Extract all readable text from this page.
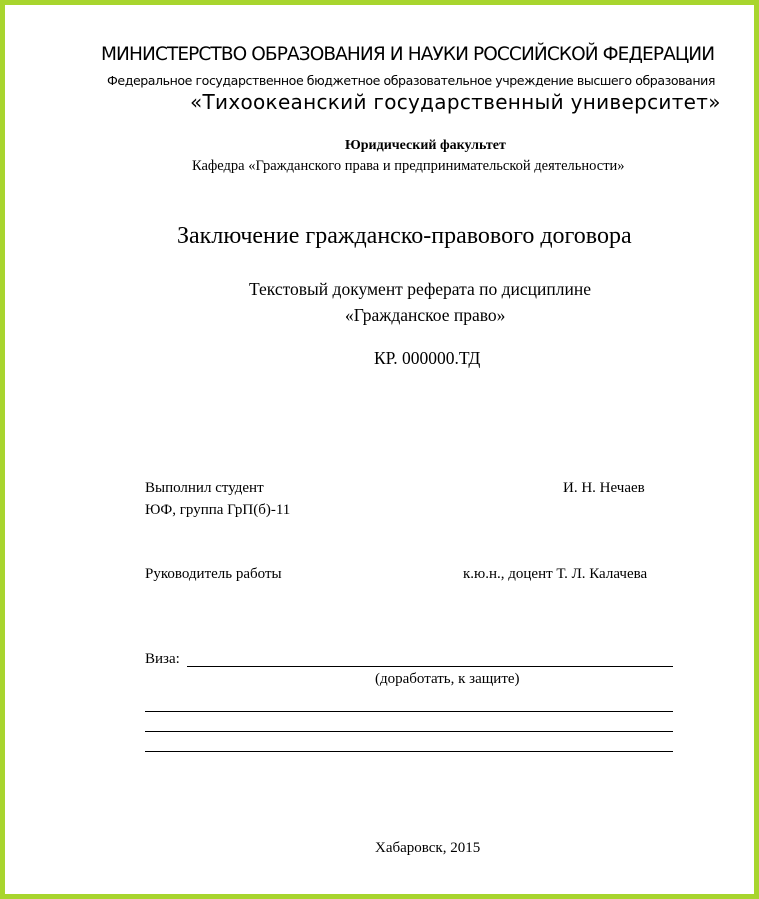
МИНИСТЕРСТВО ОБРАЗОВАНИЯ И НАУКИ РОССИЙСКОЙ ФЕДЕРАЦИИ

Федеральное государственное бюджетное образовательное учреждение высшего образования

«Тихоокеанский государственный университет»

Юридический факультет

Кафедра «Гражданского права и предпринимательской деятельности»

Заключение гражданско-правового договора

Текстовый документ реферата по дисциплине

«Гражданское право»

КР. 000000.ТД

Выполнил студент	И. Н. Нечаев

ЮФ, группа ГрП(б)-11

Руководитель работы	к.ю.н., доцент Т. Л. Калачева

Виза:

(доработать, к защите)

Хабаровск, 2015
